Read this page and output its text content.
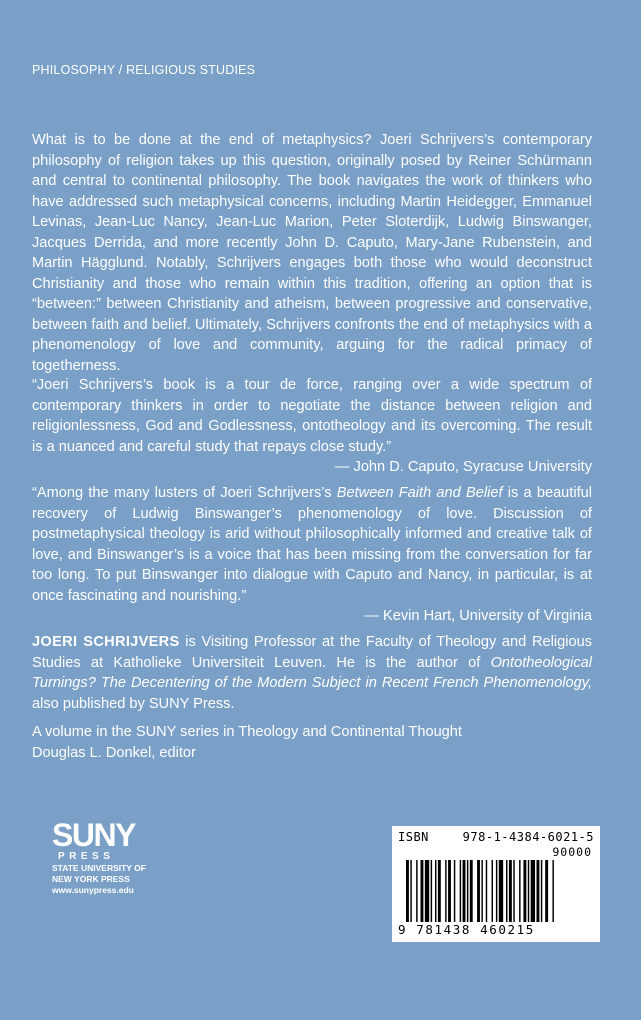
PHILOSOPHY / RELIGIOUS STUDIES
What is to be done at the end of metaphysics? Joeri Schrijvers’s contemporary philosophy of religion takes up this question, originally posed by Reiner Schürmann and central to continental philosophy. The book navigates the work of thinkers who have addressed such metaphysical concerns, including Martin Heidegger, Emmanuel Levinas, Jean-Luc Nancy, Jean-Luc Marion, Peter Sloterdijk, Ludwig Binswanger, Jacques Derrida, and more recently John D. Caputo, Mary-Jane Rubenstein, and Martin Hägglund. Notably, Schrijvers engages both those who would deconstruct Christianity and those who remain within this tradition, offering an option that is “between:” between Christianity and atheism, between progressive and conservative, between faith and belief. Ultimately, Schrijvers confronts the end of metaphysics with a phenomenology of love and community, arguing for the radical primacy of togetherness.
“Joeri Schrijvers’s book is a tour de force, ranging over a wide spectrum of contemporary thinkers in order to negotiate the distance between religion and religionlessness, God and Godlessness, ontotheology and its overcoming. The result is a nuanced and careful study that repays close study.”
— John D. Caputo, Syracuse University
“Among the many lusters of Joeri Schrijvers’s Between Faith and Belief is a beautiful recovery of Ludwig Binswanger’s phenomenology of love. Discussion of postmetaphysical theology is arid without philosophically informed and creative talk of love, and Binswanger’s is a voice that has been missing from the conversation for far too long. To put Binswanger into dialogue with Caputo and Nancy, in particular, is at once fascinating and nourishing.”
— Kevin Hart, University of Virginia
JOERI SCHRIJVERS is Visiting Professor at the Faculty of Theology and Religious Studies at Katholieke Universiteit Leuven. He is the author of Ontotheological Turnings? The Decentering of the Modern Subject in Recent French Phenomenology, also published by SUNY Press.
A volume in the SUNY series in Theology and Continental Thought
Douglas L. Donkel, editor
SUNY
PRESS
STATE UNIVERSITY OF
NEW YORK PRESS
www.sunypress.edu
ISBN	978-1-4384-6021-5
90000
9 781438 460215
